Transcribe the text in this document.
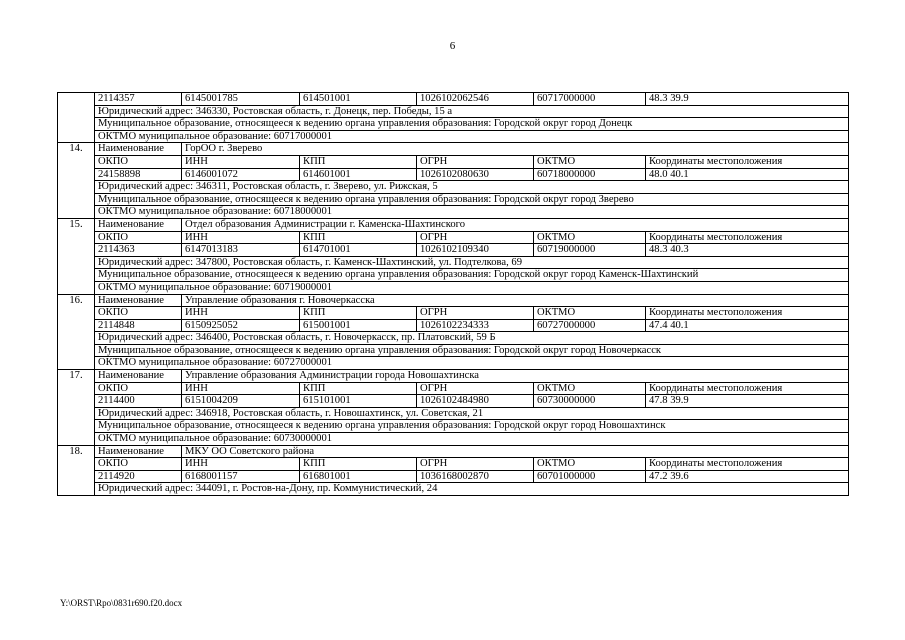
6
	2114357	6145001785	614501001	1026102062546	60717000000	48.3 39.9
	Юридический адрес: 346330, Ростовская область, г. Донецк, пер. Победы, 15 а					
	Муниципальное образование, относящееся к ведению органа управления образования: Городской округ город Донецк					
	ОКТМО муниципальное образование: 60717000001					
14.	Наименование	ГорОО г. Зверево				
	ОКПО	ИНН	КПП	ОГРН	ОКТМО	Координаты местоположения
	24158898	6146001072	614601001	1026102080630	60718000000	48.0 40.1
	Юридический адрес: 346311, Ростовская область, г. Зверево, ул. Рижская, 5					
	Муниципальное образование, относящееся к ведению органа управления образования: Городской округ город Зверево					
	ОКТМО муниципальное образование: 60718000001					
15.	Наименование	Отдел образования Администрации г. Каменска-Шахтинского				
	ОКПО	ИНН	КПП	ОГРН	ОКТМО	Координаты местоположения
	2114363	6147013183	614701001	1026102109340	60719000000	48.3 40.3
	Юридический адрес: 347800, Ростовская область, г. Каменск-Шахтинский, ул. Подтелкова, 69					
	Муниципальное образование, относящееся к ведению органа управления образования: Городской округ город Каменск-Шахтинский					
	ОКТМО муниципальное образование: 60719000001					
16.	Наименование	Управление образования г. Новочеркасска				
	ОКПО	ИНН	КПП	ОГРН	ОКТМО	Координаты местоположения
	2114848	6150925052	615001001	1026102234333	60727000000	47.4 40.1
	Юридический адрес: 346400, Ростовская область, г. Новочеркасск, пр. Платовский, 59 Б					
	Муниципальное образование, относящееся к ведению органа управления образования: Городской округ город Новочеркасск					
	ОКТМО муниципальное образование: 60727000001					
17.	Наименование	Управление образования Администрации города Новошахтинска				
	ОКПО	ИНН	КПП	ОГРН	ОКТМО	Координаты местоположения
	2114400	6151004209	615101001	1026102484980	60730000000	47.8 39.9
	Юридический адрес: 346918, Ростовская область, г. Новошахтинск, ул. Советская, 21					
	Муниципальное образование, относящееся к ведению органа управления образования: Городской округ город Новошахтинск					
	ОКТМО муниципальное образование: 60730000001					
18.	Наименование	МКУ ОО Советского района				
	ОКПО	ИНН	КПП	ОГРН	ОКТМО	Координаты местоположения
	2114920	6168001157	616801001	1036168002870	60701000000	47.2 39.6
	Юридический адрес: 344091, г. Ростов-на-Дону, пр. Коммунистический, 24					
Y:\ORST\Rpo\0831r690.f20.docx
